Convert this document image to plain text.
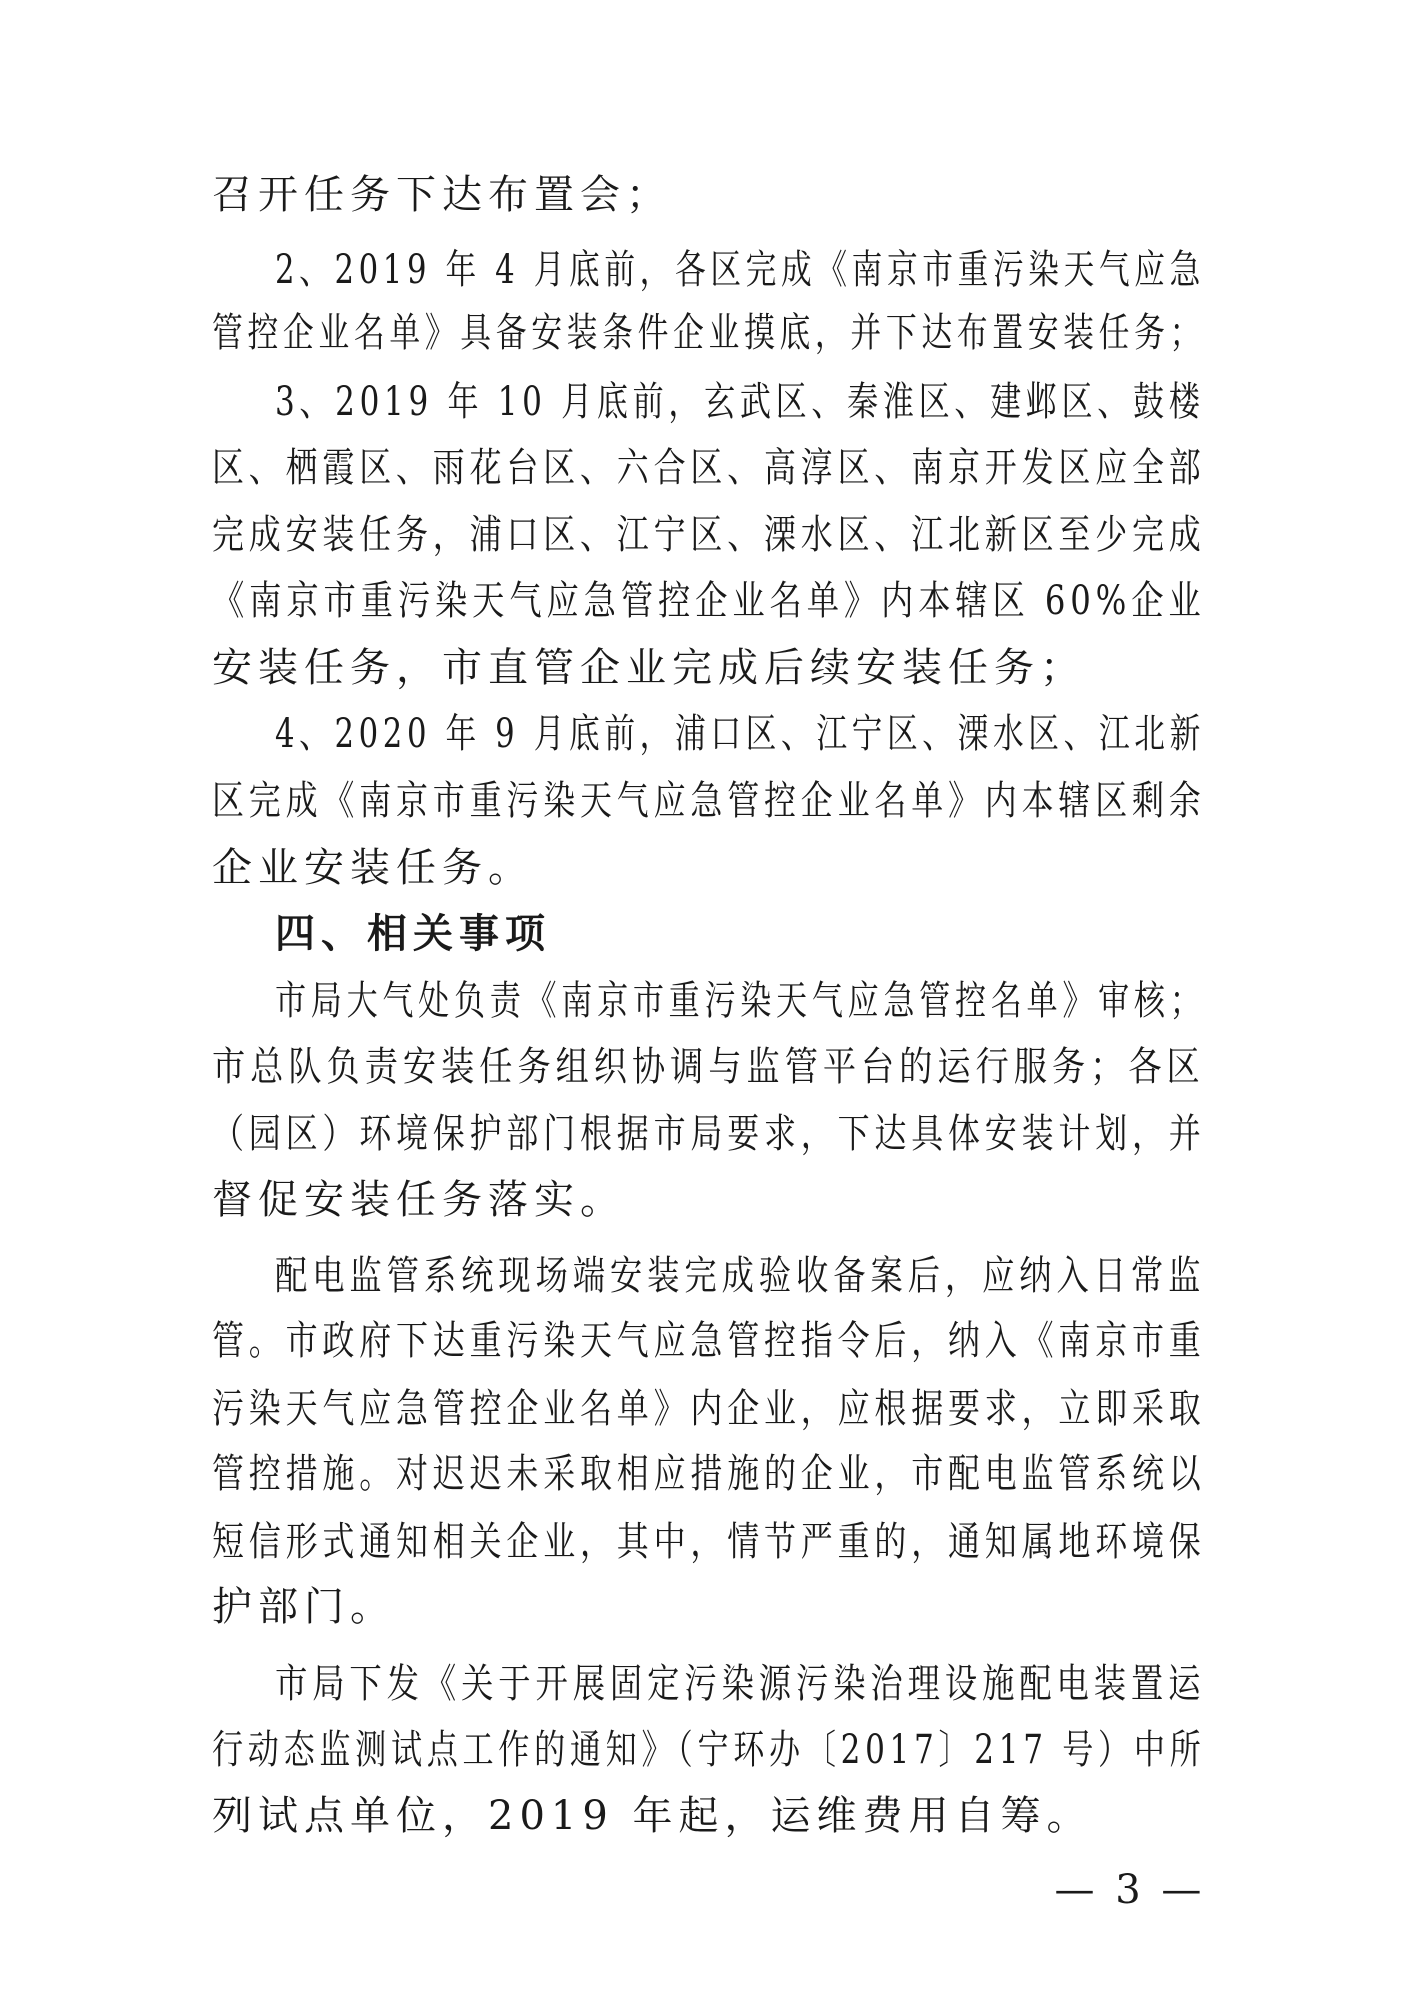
召开任务下达布置会；
2、2019 年 4 月底前，各区完成《南京市重污染天气应急
管控企业名单》具备安装条件企业摸底，并下达布置安装任务；
3、2019 年 10 月底前，玄武区、秦淮区、建邺区、鼓楼
区、栖霞区、雨花台区、六合区、高淳区、南京开发区应全部
完成安装任务，浦口区、江宁区、溧水区、江北新区至少完成
《南京市重污染天气应急管控企业名单》内本辖区 60%企业
安装任务，市直管企业完成后续安装任务；
4、2020 年 9 月底前，浦口区、江宁区、溧水区、江北新
区完成《南京市重污染天气应急管控企业名单》内本辖区剩余
企业安装任务。
四、相关事项
市局大气处负责《南京市重污染天气应急管控名单》审核；
市总队负责安装任务组织协调与监管平台的运行服务；各区
（园区）环境保护部门根据市局要求，下达具体安装计划，并
督促安装任务落实。
配电监管系统现场端安装完成验收备案后，应纳入日常监
管。市政府下达重污染天气应急管控指令后，纳入《南京市重
污染天气应急管控企业名单》内企业，应根据要求，立即采取
管控措施。对迟迟未采取相应措施的企业，市配电监管系统以
短信形式通知相关企业，其中，情节严重的，通知属地环境保
护部门。
市局下发《关于开展固定污染源污染治理设施配电装置运
行动态监测试点工作的通知》（宁环办〔2017〕217 号）中所
列试点单位，2019 年起，运维费用自筹。
— 3 —
